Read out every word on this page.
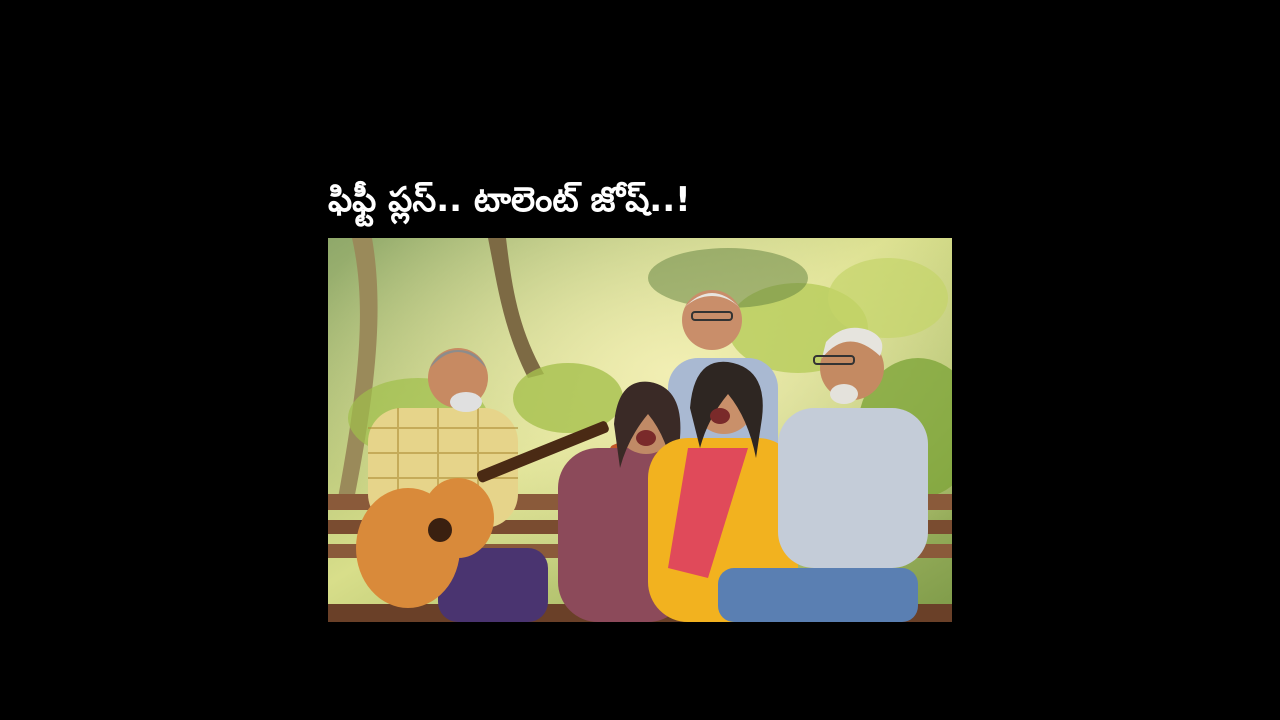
ఫిఫ్టీ ప్లస్‌.. టాలెంట్‌ జోష్‌..!
